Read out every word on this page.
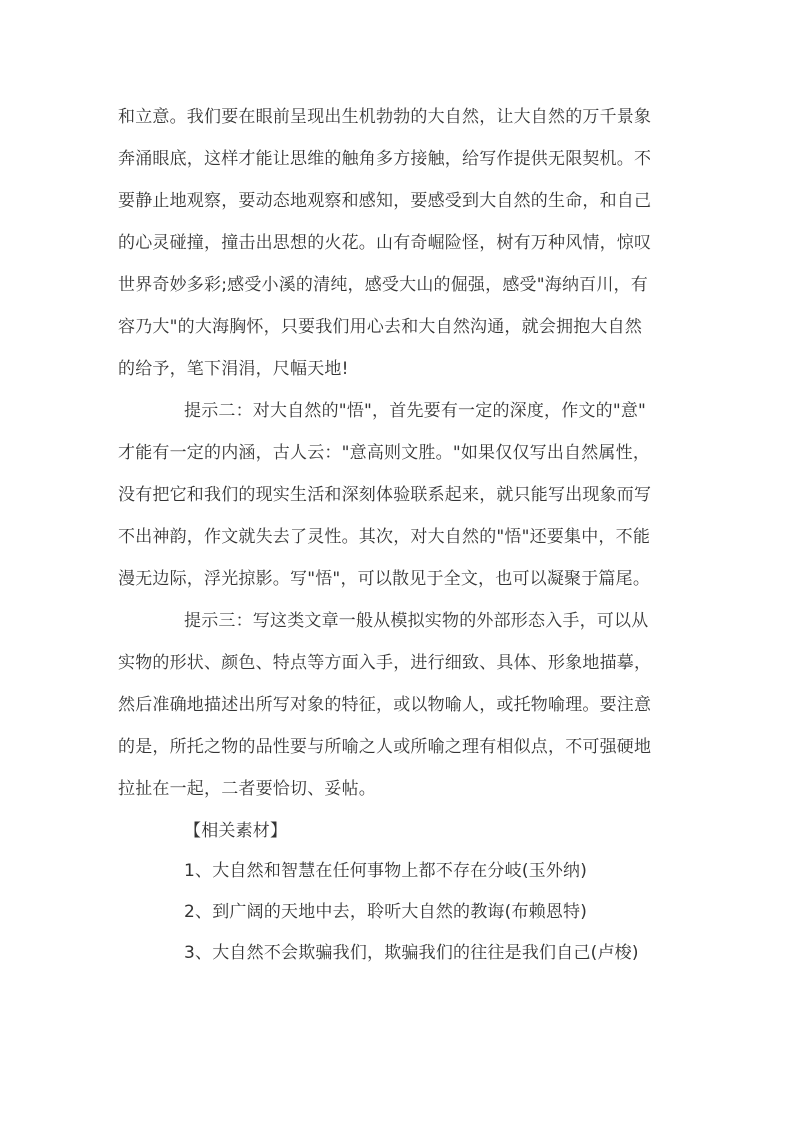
和立意。我们要在眼前呈现出生机勃勃的大自然，让大自然的万千景象
奔涌眼底，这样才能让思维的触角多方接触，给写作提供无限契机。不
要静止地观察，要动态地观察和感知，要感受到大自然的生命，和自己
的心灵碰撞，撞击出思想的火花。山有奇崛险怪，树有万种风情，惊叹
世界奇妙多彩;感受小溪的清纯，感受大山的倔强，感受"海纳百川，有
容乃大"的大海胸怀，只要我们用心去和大自然沟通，就会拥抱大自然
的给予，笔下涓涓，尺幅天地!
提示二：对大自然的"悟"，首先要有一定的深度，作文的"意"
才能有一定的内涵，古人云："意高则文胜。"如果仅仅写出自然属性，
没有把它和我们的现实生活和深刻体验联系起来，就只能写出现象而写
不出神韵，作文就失去了灵性。其次，对大自然的"悟"还要集中，不能
漫无边际，浮光掠影。写"悟"，可以散见于全文，也可以凝聚于篇尾。
提示三：写这类文章一般从模拟实物的外部形态入手，可以从
实物的形状、颜色、特点等方面入手，进行细致、具体、形象地描摹，
然后准确地描述出所写对象的特征，或以物喻人，或托物喻理。要注意
的是，所托之物的品性要与所喻之人或所喻之理有相似点，不可强硬地
拉扯在一起，二者要恰切、妥帖。
【相关素材】
1、大自然和智慧在任何事物上都不存在分岐(玉外纳)
2、到广阔的天地中去，聆听大自然的教诲(布赖恩特)
3、大自然不会欺骗我们，欺骗我们的往往是我们自己(卢梭)
